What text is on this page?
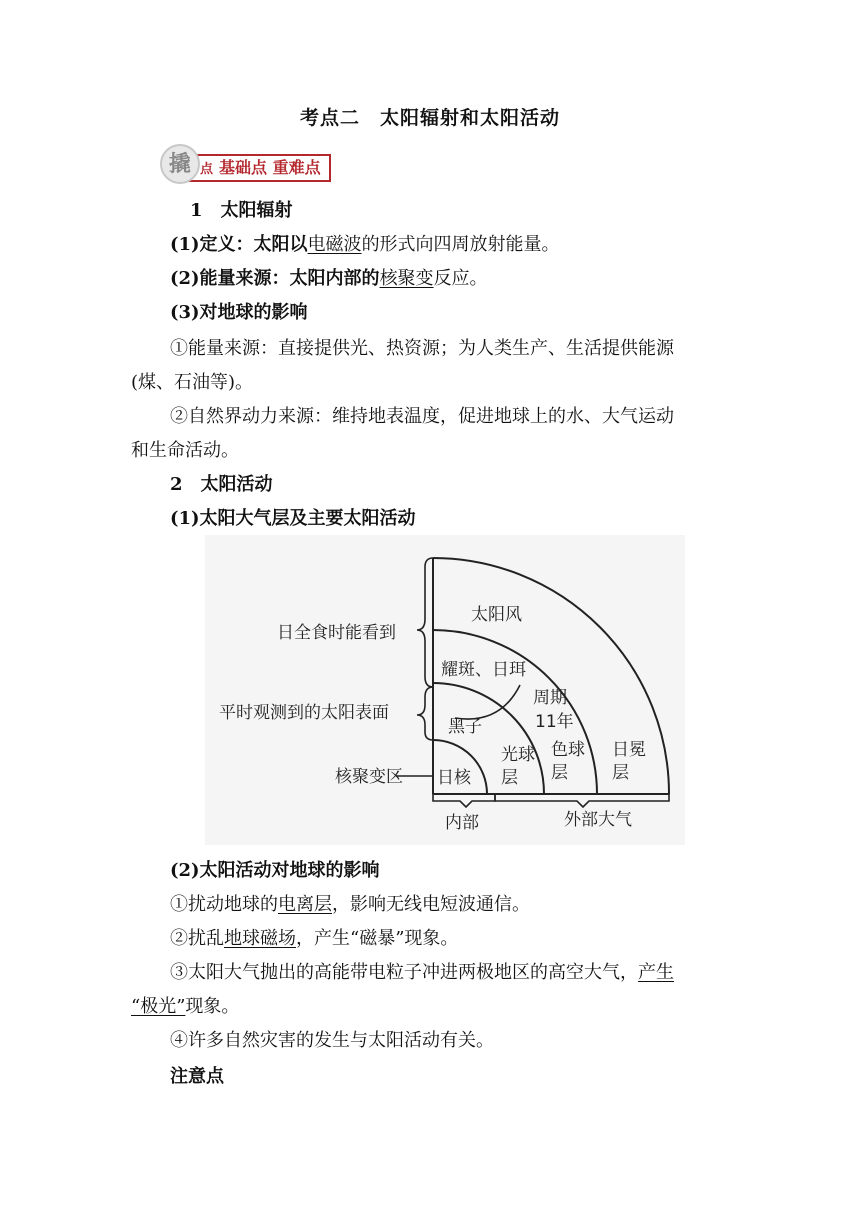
考点二　太阳辐射和太阳活动
点 基础点 重难点
撬
1　太阳辐射
(1)定义：太阳以电磁波的形式向四周放射能量。
(2)能量来源：太阳内部的核聚变反应。
(3)对地球的影响
①能量来源：直接提供光、热资源；为人类生产、生活提供能源
(煤、石油等)。
②自然界动力来源：维持地表温度，促进地球上的水、大气运动
和生命活动。
2　太阳活动
(1)太阳大气层及主要太阳活动
太阳风
耀斑、日珥
周期
11年
黑子
日全食时能看到
平时观测到的太阳表面
核聚变区 日核
光球
层
色球
层
日冕
层
内部	外部大气
(2)太阳活动对地球的影响
①扰动地球的电离层，影响无线电短波通信。
②扰乱地球磁场，产生“磁暴”现象。
③太阳大气抛出的高能带电粒子冲进两极地区的高空大气，产生
“极光”现象。
④许多自然灾害的发生与太阳活动有关。
注意点
